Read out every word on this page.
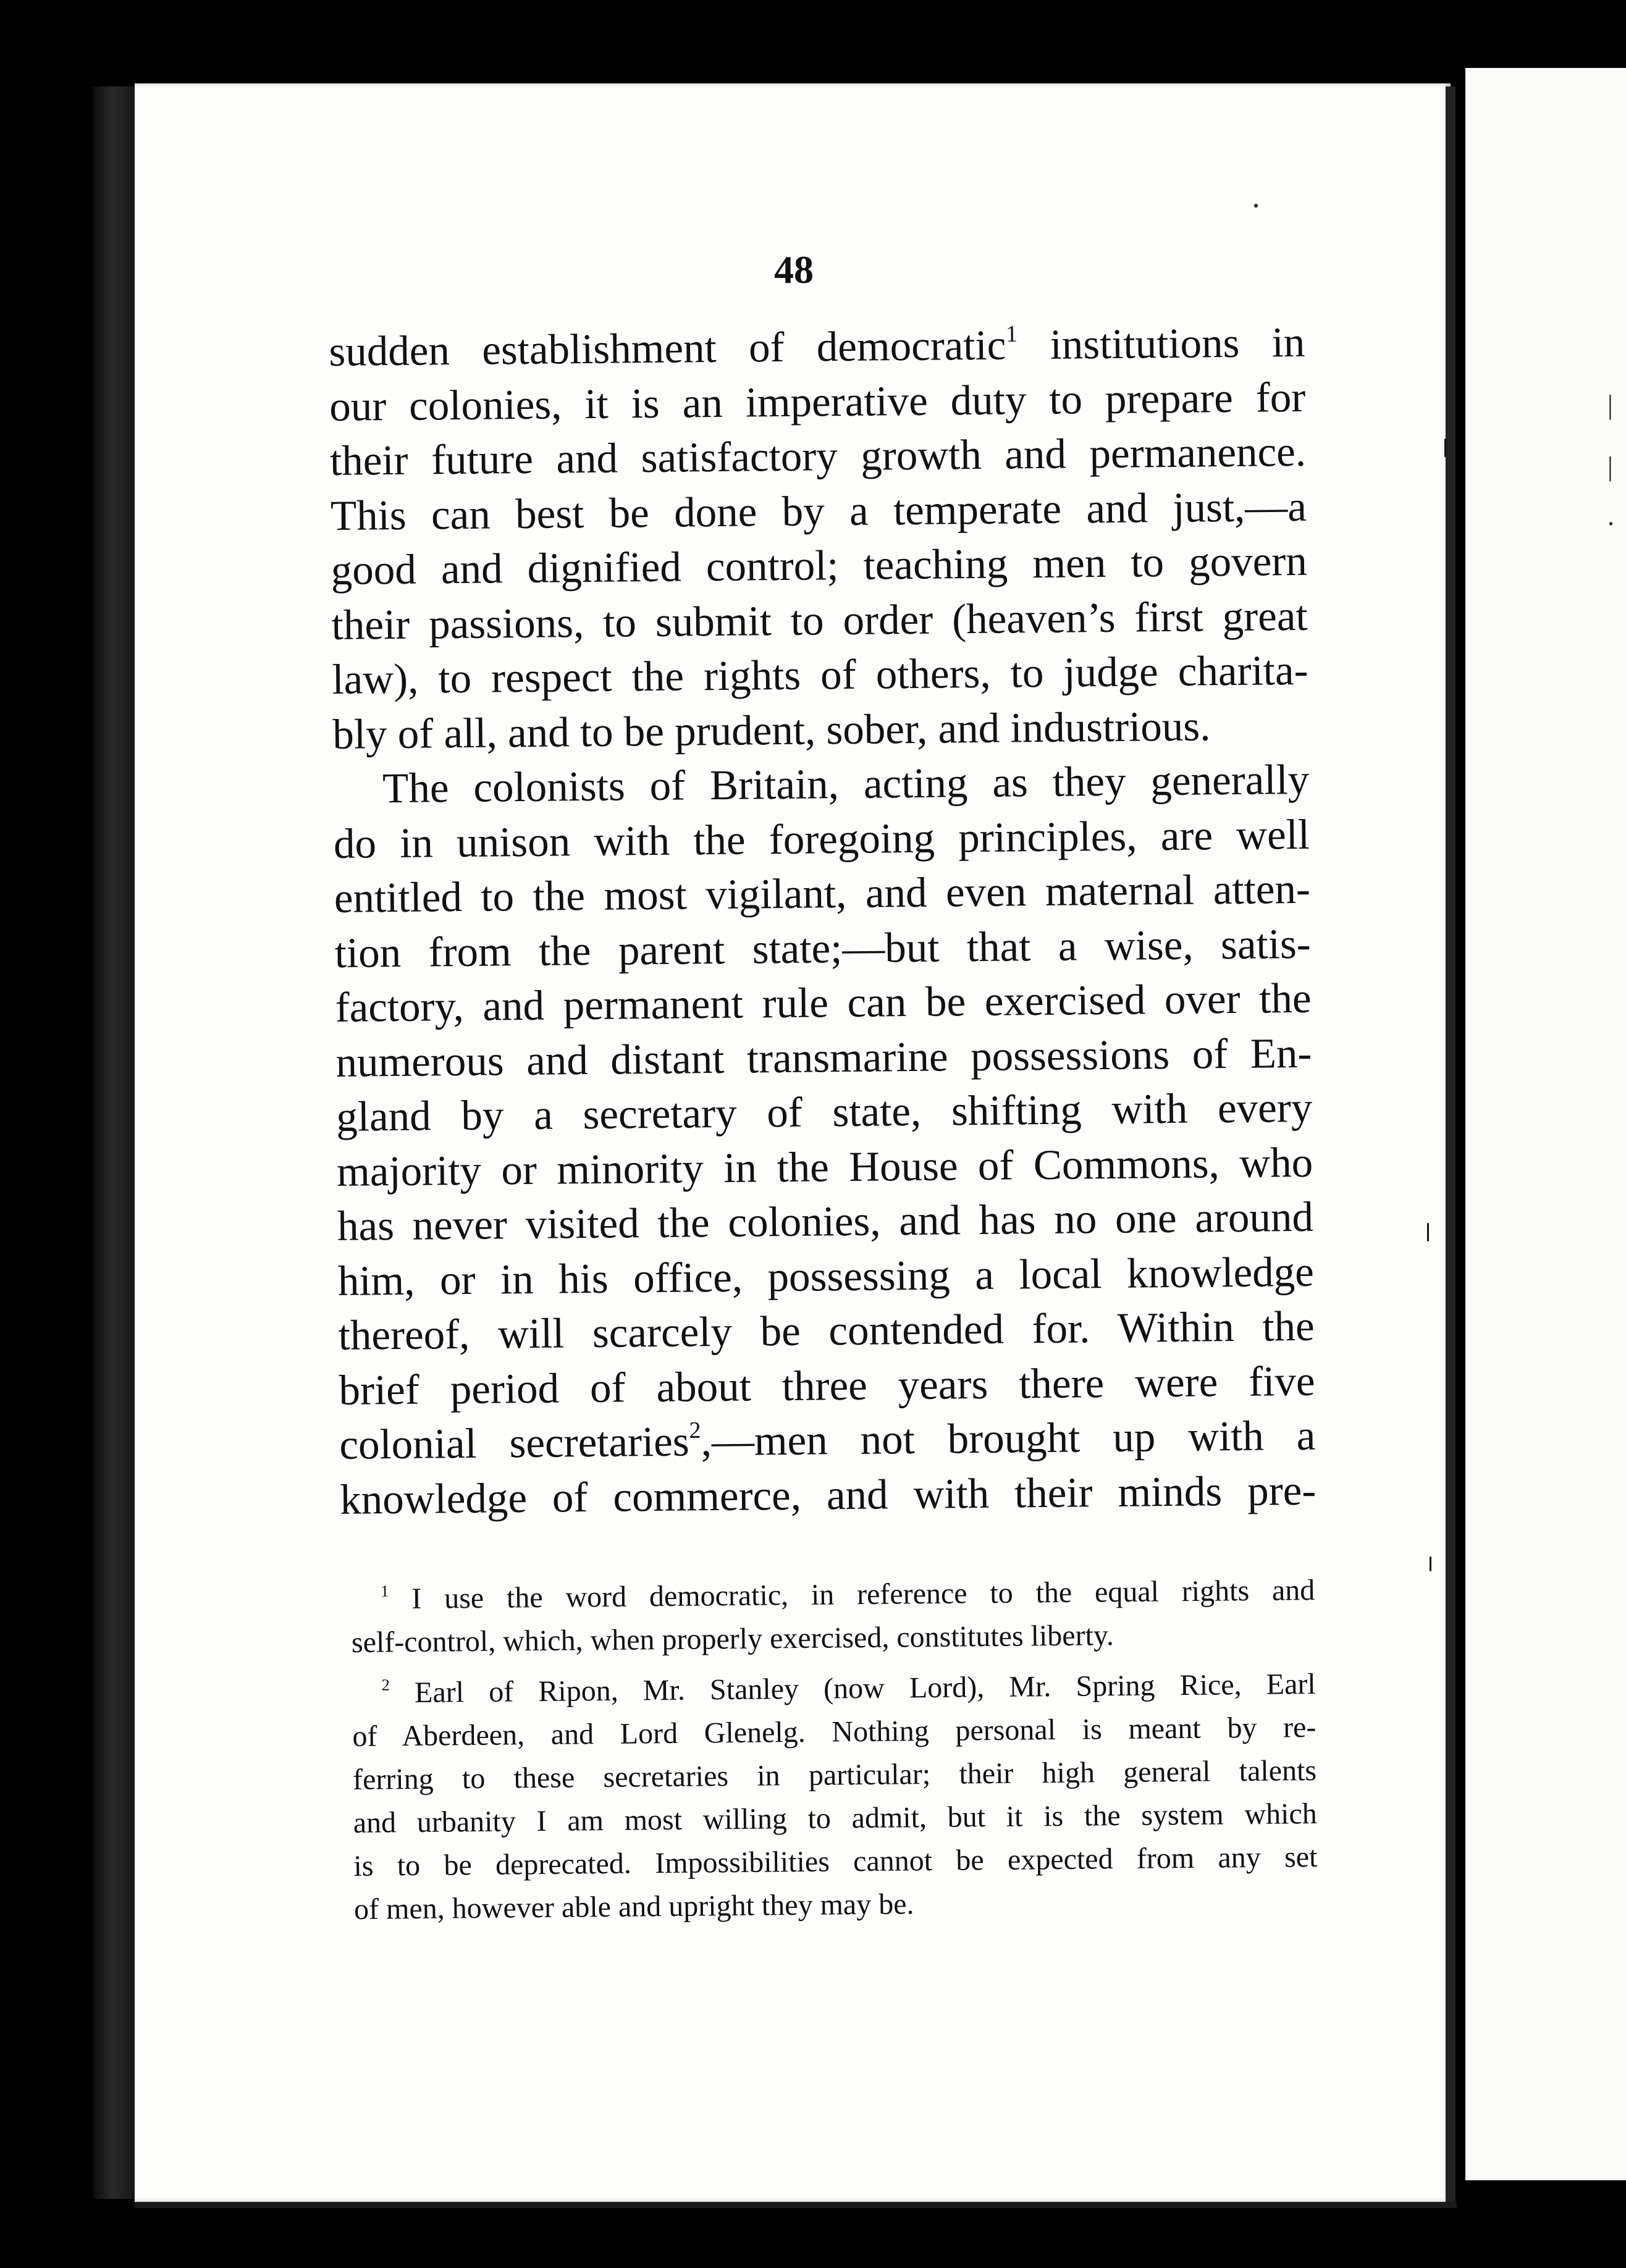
|
|
.
48
sudden establishment of democratic$^1$ institutions in
our colonies, it is an imperative duty to prepare for
their future and satisfactory growth and permanence.
This can best be done by a temperate and just,—a
good and dignified control; teaching men to govern
their passions, to submit to order (heaven’s first great
law), to respect the rights of others, to judge charita-
bly of all, and to be prudent, sober, and industrious.
The colonists of Britain, acting as they generally
do in unison with the foregoing principles, are well
entitled to the most vigilant, and even maternal atten-
tion from the parent state;—but that a wise, satis-
factory, and permanent rule can be exercised over the
numerous and distant transmarine possessions of En-
gland by a secretary of state, shifting with every
majority or minority in the House of Commons, who
has never visited the colonies, and has no one around
him, or in his office, possessing a local knowledge
thereof, will scarcely be contended for. Within the
brief period of about three years there were five
colonial secretaries$^2$,—men not brought up with a
knowledge of commerce, and with their minds pre-
$^1$ I use the word democratic, in reference to the equal rights and
self-control, which, when properly exercised, constitutes liberty.
$^2$ Earl of Ripon, Mr. Stanley (now Lord), Mr. Spring Rice, Earl
of Aberdeen, and Lord Glenelg. Nothing personal is meant by re-
ferring to these secretaries in particular; their high general talents
and urbanity I am most willing to admit, but it is the system which
is to be deprecated. Impossibilities cannot be expected from any set
of men, however able and upright they may be.
